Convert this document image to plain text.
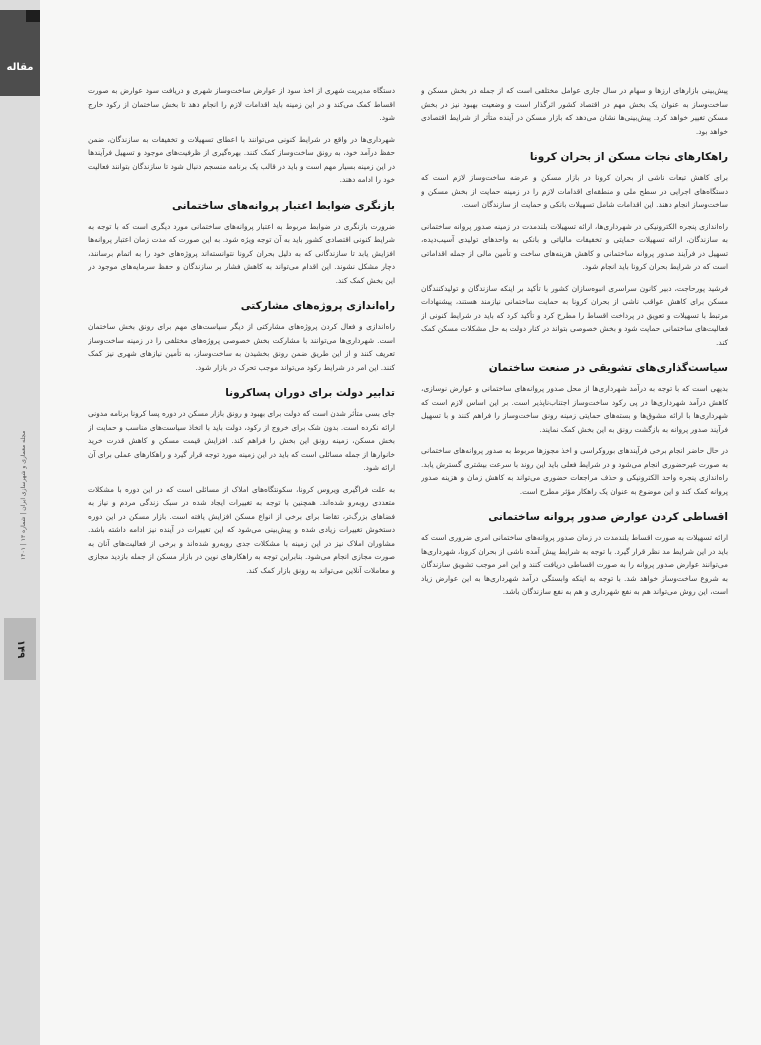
مقاله
مجله معماری و شهرسازی ایران | شماره ۱۳ | ۱۴۰۱
۱۴۹

پیش‌بینی بازارهای ارزها و سهام در سال جاری عوامل مختلفی است که از جمله در بخش مسکن و ساخت‌وساز به عنوان یک بخش مهم در اقتصاد کشور اثرگذار است و وضعیت بهبود نیز در بخش مسکن تغییر خواهد کرد. پیش‌بینی‌ها نشان می‌دهد که بازار مسکن در آینده متأثر از شرایط اقتصادی خواهد بود.

راهکارهای نجات مسکن از بحران کرونا

برای کاهش تبعات ناشی از بحران کرونا در بازار مسکن و عرضه ساخت‌وساز لازم است که دستگاه‌های اجرایی در سطح ملی و منطقه‌ای اقدامات لازم را در زمینه حمایت از بخش مسکن و ساخت‌وساز انجام دهند. این اقدامات شامل تسهیلات بانکی و حمایت از سازندگان است.

راه‌اندازی پنجره الکترونیکی در شهرداری‌ها، ارائه تسهیلات بلندمدت در زمینه صدور پروانه ساختمانی به سازندگان، ارائه تسهیلات حمایتی و تخفیفات مالیاتی و بانکی به واحدهای تولیدی آسیب‌دیده، تسهیل در فرآیند صدور پروانه ساختمانی و کاهش هزینه‌های ساخت و تأمین مالی از جمله اقداماتی است که در شرایط بحران کرونا باید انجام شود.

فرشید پورحاجت، دبیر کانون سراسری انبوه‌سازان کشور با تأکید بر اینکه سازندگان و تولیدکنندگان مسکن برای کاهش عواقب ناشی از بحران کرونا به حمایت ساختمانی نیازمند هستند، پیشنهادات مرتبط با تسهیلات و تعویق در پرداخت اقساط را مطرح کرد و تأکید کرد که باید در شرایط کنونی از فعالیت‌های ساختمانی حمایت شود و بخش خصوصی بتواند در کنار دولت به حل مشکلات مسکن کمک کند.

سیاست‌گذاری‌های تشویقی در صنعت ساختمان

بدیهی است که با توجه به درآمد شهرداری‌ها از محل صدور پروانه‌های ساختمانی و عوارض نوسازی، کاهش درآمد شهرداری‌ها در پی رکود ساخت‌وساز اجتناب‌ناپذیر است. بر این اساس لازم است که شهرداری‌ها با ارائه مشوق‌ها و بسته‌های حمایتی زمینه رونق ساخت‌وساز را فراهم کنند و با تسهیل فرآیند صدور پروانه به بازگشت رونق به این بخش کمک نمایند.

در حال حاضر انجام برخی فرآیندهای بوروکراسی و اخذ مجوزها مربوط به صدور پروانه‌های ساختمانی به صورت غیرحضوری انجام می‌شود و در شرایط فعلی باید این روند با سرعت بیشتری گسترش یابد. راه‌اندازی پنجره واحد الکترونیکی و حذف مراجعات حضوری می‌تواند به کاهش زمان و هزینه صدور پروانه کمک کند و این موضوع به عنوان یک راهکار مؤثر مطرح است.

اقساطی کردن عوارض صدور پروانه ساختمانی

ارائه تسهیلات به صورت اقساط بلندمدت در زمان صدور پروانه‌های ساختمانی امری ضروری است که باید در این شرایط مد نظر قرار گیرد. با توجه به شرایط پیش آمده ناشی از بحران کرونا، شهرداری‌ها می‌توانند عوارض صدور پروانه را به صورت اقساطی دریافت کنند و این امر موجب تشویق سازندگان به شروع ساخت‌وساز خواهد شد. با توجه به اینکه وابستگی درآمد شهرداری‌ها به این عوارض زیاد است، این روش می‌تواند هم به نفع شهرداری و هم به نفع سازندگان باشد.

دستگاه مدیریت شهری از اخذ سود از عوارض ساخت‌وساز شهری و دریافت سود عوارض به صورت اقساط کمک می‌کند و در این زمینه باید اقدامات لازم را انجام دهد تا بخش ساختمان از رکود خارج شود.

شهرداری‌ها در واقع در شرایط کنونی می‌توانند با اعطای تسهیلات و تخفیفات به سازندگان، ضمن حفظ درآمد خود، به رونق ساخت‌وساز کمک کنند. بهره‌گیری از ظرفیت‌های موجود و تسهیل فرآیندها در این زمینه بسیار مهم است و باید در قالب یک برنامه منسجم دنبال شود تا سازندگان بتوانند فعالیت خود را ادامه دهند.

بازنگری ضوابط اعتبار پروانه‌های ساختمانی

ضرورت بازنگری در ضوابط مربوط به اعتبار پروانه‌های ساختمانی مورد دیگری است که با توجه به شرایط کنونی اقتصادی کشور باید به آن توجه ویژه شود. به این صورت که مدت زمان اعتبار پروانه‌ها افزایش یابد تا سازندگانی که به دلیل بحران کرونا نتوانسته‌اند پروژه‌های خود را به اتمام برسانند، دچار مشکل نشوند. این اقدام می‌تواند به کاهش فشار بر سازندگان و حفظ سرمایه‌های موجود در این بخش کمک کند.

راه‌اندازی پروژه‌های مشارکتی

راه‌اندازی و فعال کردن پروژه‌های مشارکتی از دیگر سیاست‌های مهم برای رونق بخش ساختمان است. شهرداری‌ها می‌توانند با مشارکت بخش خصوصی پروژه‌های مختلفی را در زمینه ساخت‌وساز تعریف کنند و از این طریق ضمن رونق بخشیدن به ساخت‌وساز، به تأمین نیازهای شهری نیز کمک کنند. این امر در شرایط رکود می‌تواند موجب تحرک در بازار شود.

تدابیر دولت برای دوران پسا‌کرونا

جای بسی متأثر شدن است که دولت برای بهبود و رونق بازار مسکن در دوره پسا کرونا برنامه مدونی ارائه نکرده است. بدون شک برای خروج از رکود، دولت باید با اتخاذ سیاست‌های مناسب و حمایت از بخش مسکن، زمینه رونق این بخش را فراهم کند. افزایش قیمت مسکن و کاهش قدرت خرید خانوارها از جمله مسائلی است که باید در این زمینه مورد توجه قرار گیرد و راهکارهای عملی برای آن ارائه شود.

به علت فراگیری ویروس کرونا، سکونتگاه‌های املاک از مسائلی است که در این دوره با مشکلات متعددی روبه‌رو شده‌اند. همچنین با توجه به تغییرات ایجاد شده در سبک زندگی مردم و نیاز به فضاهای بزرگ‌تر، تقاضا برای برخی از انواع مسکن افزایش یافته است. بازار مسکن در این دوره دستخوش تغییرات زیادی شده و پیش‌بینی می‌شود که این تغییرات در آینده نیز ادامه داشته باشد. مشاوران املاک نیز در این زمینه با مشکلات جدی روبه‌رو شده‌اند و برخی از فعالیت‌های آنان به صورت مجازی انجام می‌شود. بنابراین توجه به راهکارهای نوین در بازار مسکن از جمله بازدید مجازی و معاملات آنلاین می‌تواند به رونق بازار کمک کند.
